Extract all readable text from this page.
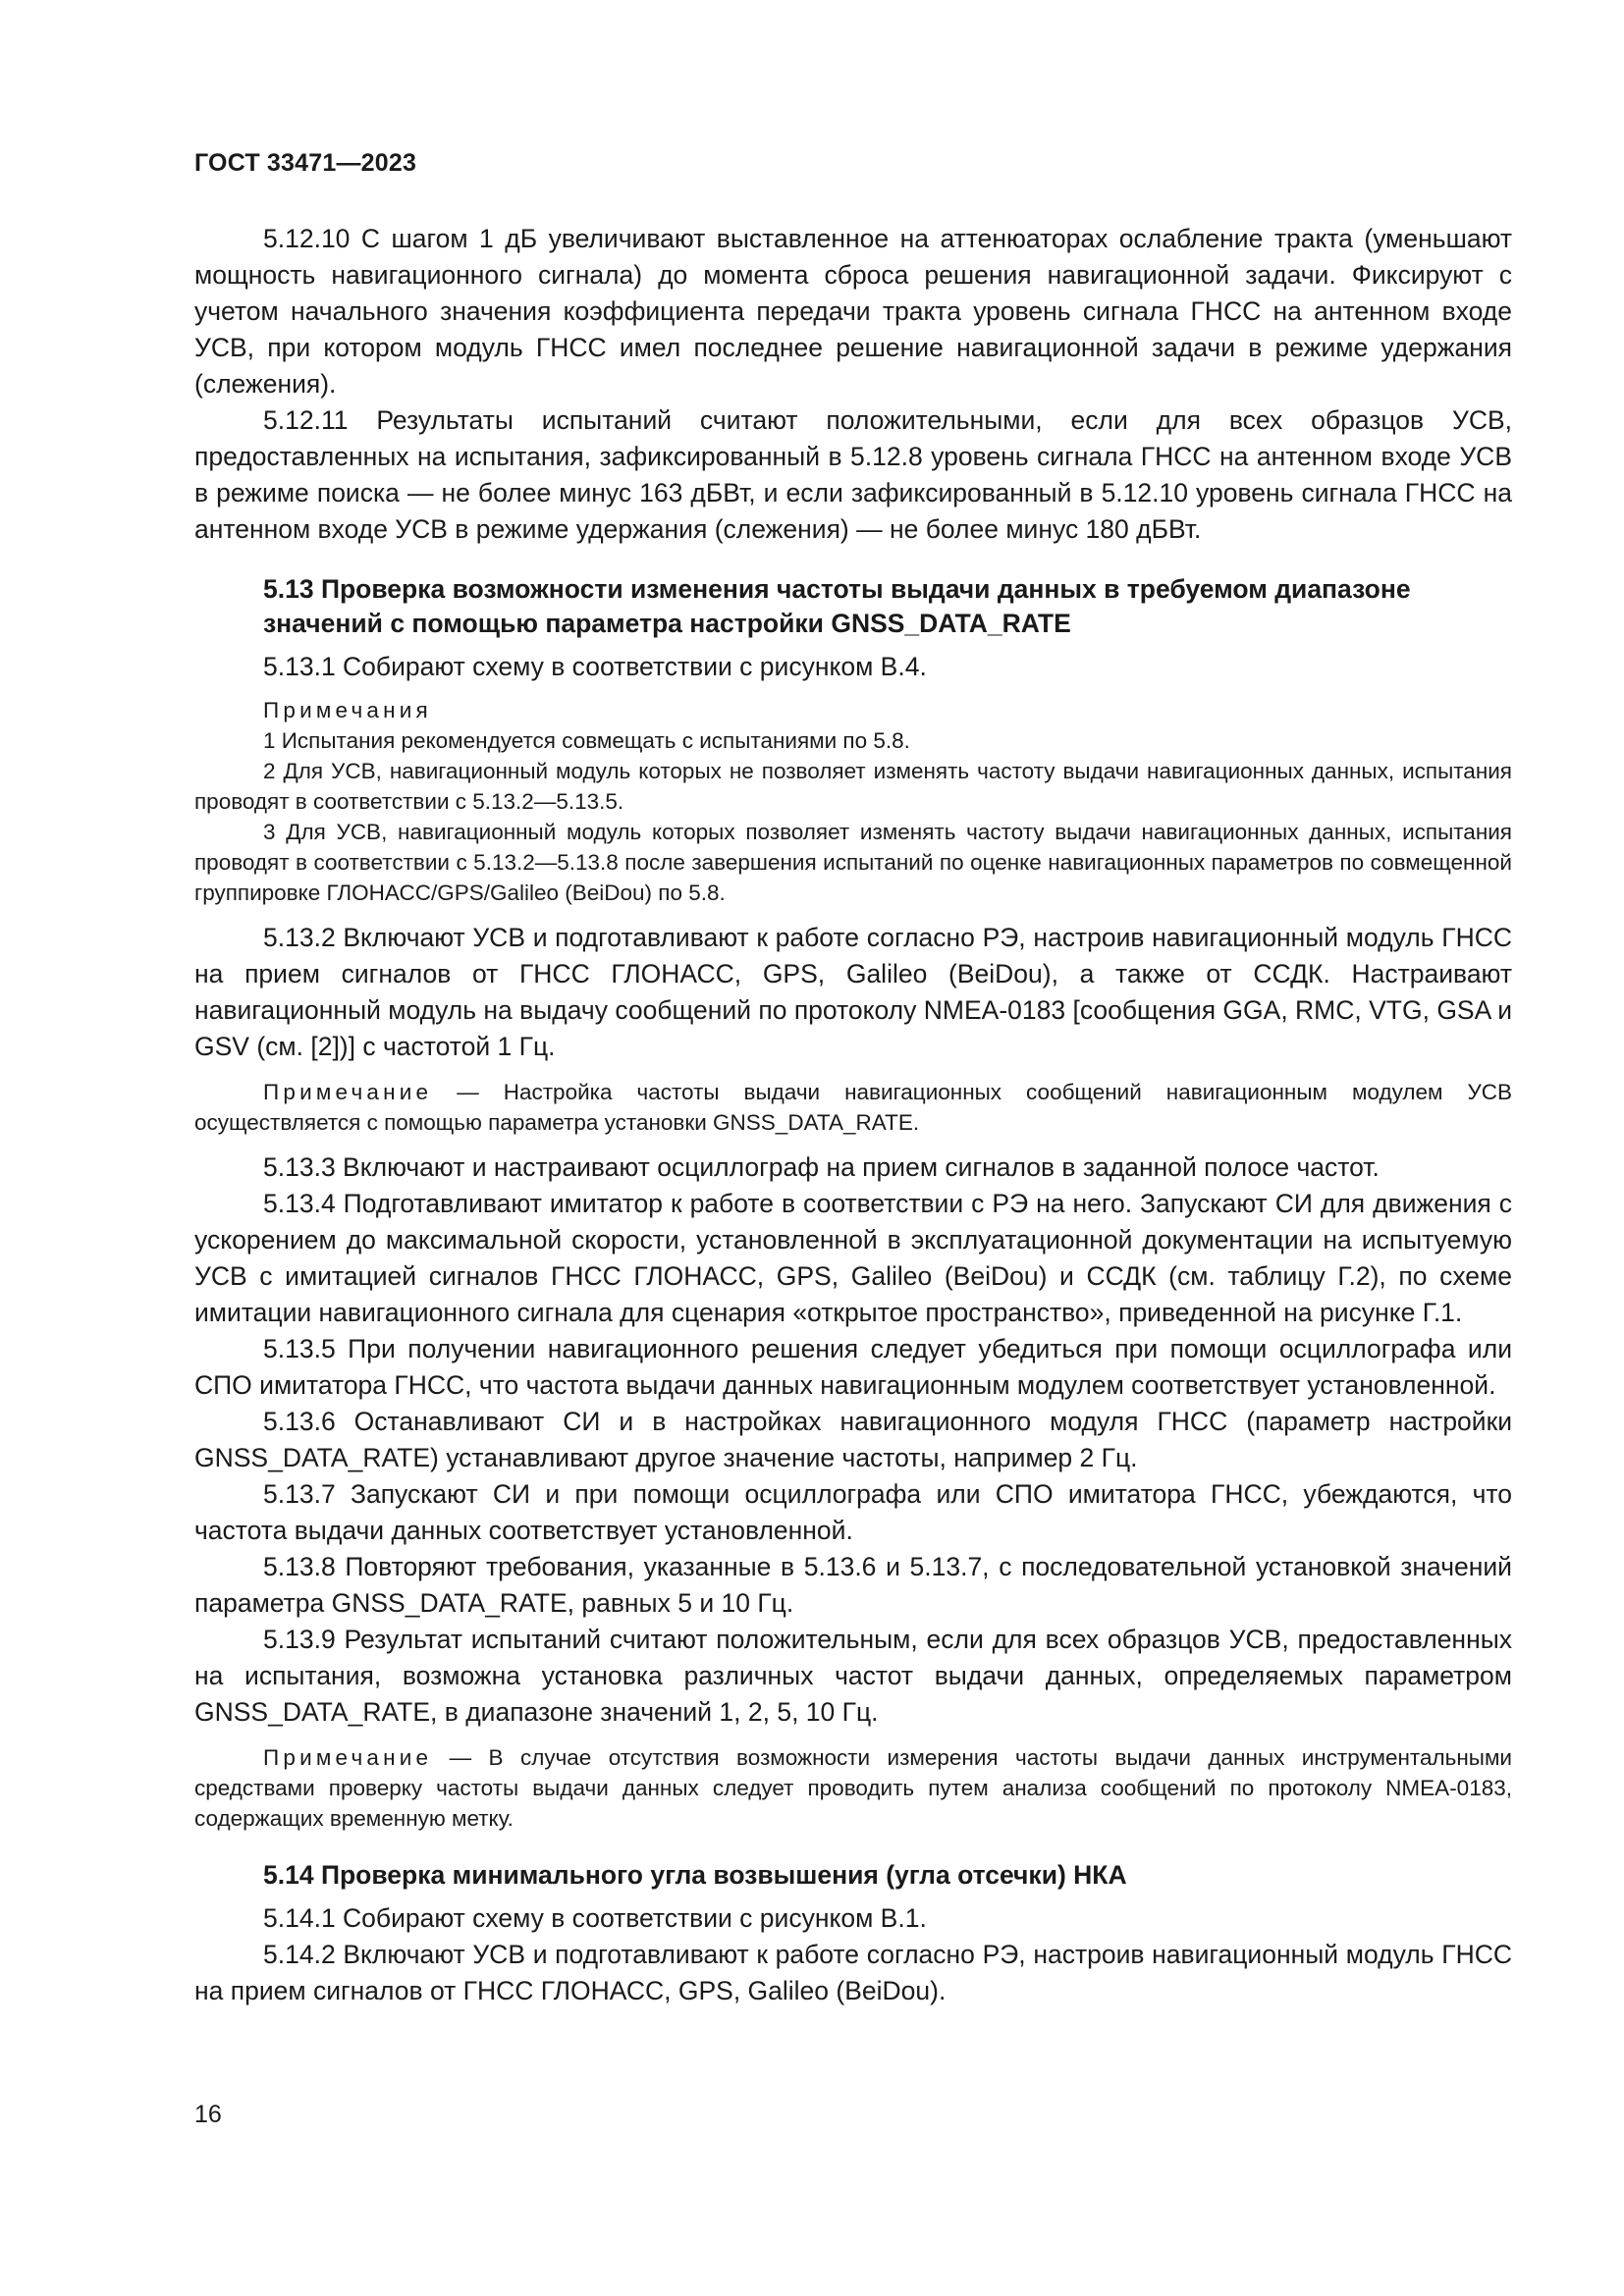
ГОСТ 33471—2023

5.12.10 С шагом 1 дБ увеличивают выставленное на аттенюаторах ослабление тракта (уменьшают мощность навигационного сигнала) до момента сброса решения навигационной задачи. Фиксируют с учетом начального значения коэффициента передачи тракта уровень сигнала ГНСС на антенном входе УСВ, при котором модуль ГНСС имел последнее решение навигационной задачи в режиме удержания (слежения).

5.12.11 Результаты испытаний считают положительными, если для всех образцов УСВ, предоставленных на испытания, зафиксированный в 5.12.8 уровень сигнала ГНСС на антенном входе УСВ в режиме поиска — не более минус 163 дБВт, и если зафиксированный в 5.12.10 уровень сигнала ГНСС на антенном входе УСВ в режиме удержания (слежения) — не более минус 180 дБВт.

5.13 Проверка возможности изменения частоты выдачи данных в требуемом диапазоне значений с помощью параметра настройки GNSS_DATA_RATE

5.13.1 Собирают схему в соответствии с рисунком В.4.

Примечания

1 Испытания рекомендуется совмещать с испытаниями по 5.8.

2 Для УСВ, навигационный модуль которых не позволяет изменять частоту выдачи навигационных данных, испытания проводят в соответствии с 5.13.2—5.13.5.

3 Для УСВ, навигационный модуль которых позволяет изменять частоту выдачи навигационных данных, испытания проводят в соответствии с 5.13.2—5.13.8 после завершения испытаний по оценке навигационных параметров по совмещенной группировке ГЛОНАСС/GPS/Galileo (BeiDou) по 5.8.

5.13.2 Включают УСВ и подготавливают к работе согласно РЭ, настроив навигационный модуль ГНСС на прием сигналов от ГНСС ГЛОНАСС, GPS, Galileo (BeiDou), а также от ССДК. Настраивают навигационный модуль на выдачу сообщений по протоколу NMEA-0183 [сообщения GGA, RMC, VTG, GSA и GSV (см. [2])] с частотой 1 Гц.

Примечание — Настройка частоты выдачи навигационных сообщений навигационным модулем УСВ осуществляется с помощью параметра установки GNSS_DATA_RATE.

5.13.3 Включают и настраивают осциллограф на прием сигналов в заданной полосе частот.

5.13.4 Подготавливают имитатор к работе в соответствии с РЭ на него. Запускают СИ для движения с ускорением до максимальной скорости, установленной в эксплуатационной документации на испытуемую УСВ с имитацией сигналов ГНСС ГЛОНАСС, GPS, Galileo (BeiDou) и ССДК (см. таблицу Г.2), по схеме имитации навигационного сигнала для сценария «открытое пространство», приведенной на рисунке Г.1.

5.13.5 При получении навигационного решения следует убедиться при помощи осциллографа или СПО имитатора ГНСС, что частота выдачи данных навигационным модулем соответствует установленной.

5.13.6 Останавливают СИ и в настройках навигационного модуля ГНСС (параметр настройки GNSS_DATA_RATE) устанавливают другое значение частоты, например 2 Гц.

5.13.7 Запускают СИ и при помощи осциллографа или СПО имитатора ГНСС, убеждаются, что частота выдачи данных соответствует установленной.

5.13.8 Повторяют требования, указанные в 5.13.6 и 5.13.7, с последовательной установкой значений параметра GNSS_DATA_RATE, равных 5 и 10 Гц.

5.13.9 Результат испытаний считают положительным, если для всех образцов УСВ, предоставленных на испытания, возможна установка различных частот выдачи данных, определяемых параметром GNSS_DATA_RATE, в диапазоне значений 1, 2, 5, 10 Гц.

Примечание — В случае отсутствия возможности измерения частоты выдачи данных инструментальными средствами проверку частоты выдачи данных следует проводить путем анализа сообщений по протоколу NMEA-0183, содержащих временную метку.

5.14 Проверка минимального угла возвышения (угла отсечки) НКА

5.14.1 Собирают схему в соответствии с рисунком В.1.

5.14.2 Включают УСВ и подготавливают к работе согласно РЭ, настроив навигационный модуль ГНСС на прием сигналов от ГНСС ГЛОНАСС, GPS, Galileo (BeiDou).

16
